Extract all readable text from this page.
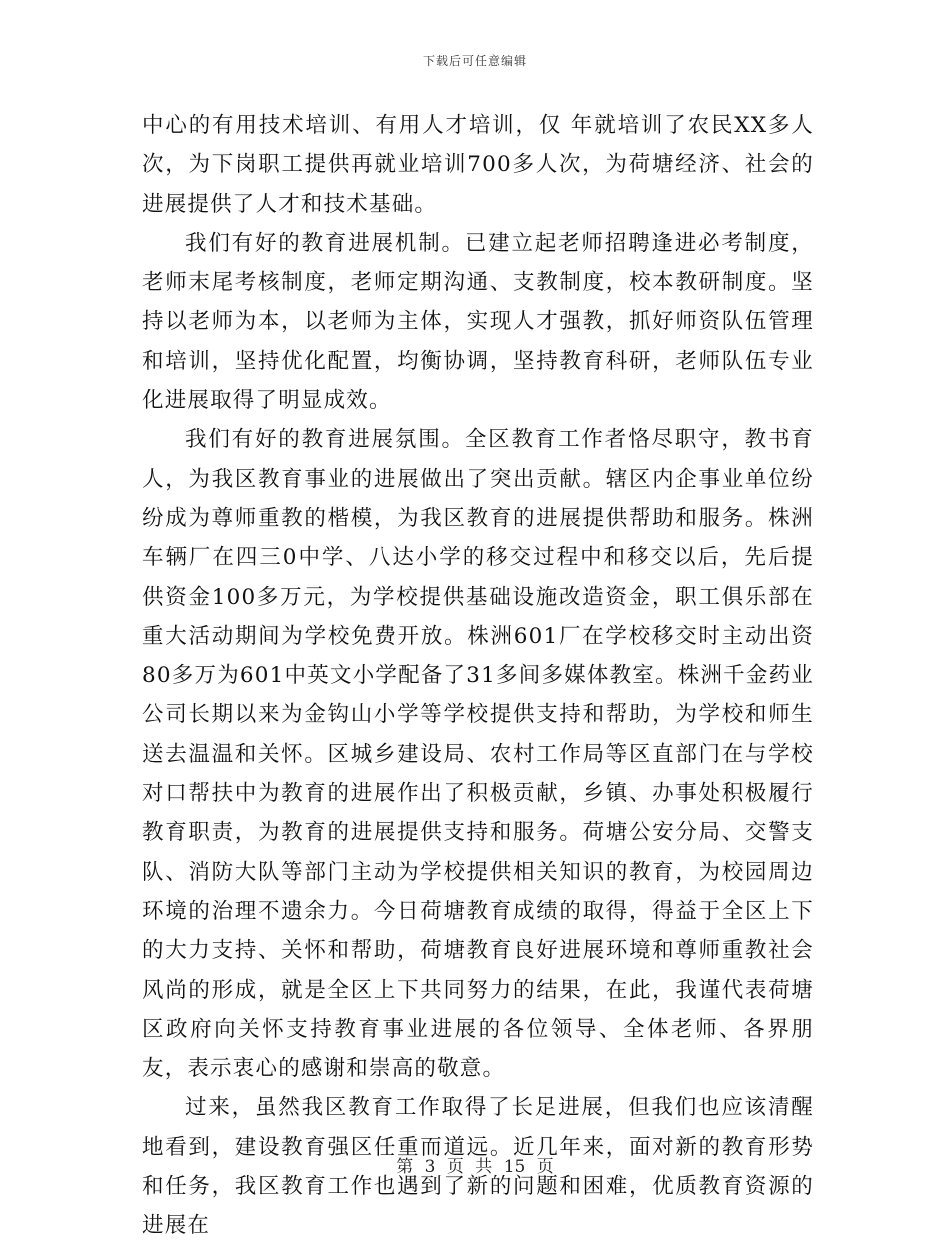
下载后可任意编辑

中心的有用技术培训、有用人才培训，仅 年就培训了农民XX多人次，为下岗职工提供再就业培训700多人次，为荷塘经济、社会的进展提供了人才和技术基础。

我们有好的教育进展机制。已建立起老师招聘逢进必考制度，老师末尾考核制度，老师定期沟通、支教制度，校本教研制度。坚持以老师为本，以老师为主体，实现人才强教，抓好师资队伍管理和培训，坚持优化配置，均衡协调，坚持教育科研，老师队伍专业化进展取得了明显成效。

我们有好的教育进展氛围。全区教育工作者恪尽职守，教书育人，为我区教育事业的进展做出了突出贡献。辖区内企事业单位纷纷成为尊师重教的楷模，为我区教育的进展提供帮助和服务。株洲车辆厂在四三0中学、八达小学的移交过程中和移交以后，先后提供资金100多万元，为学校提供基础设施改造资金，职工俱乐部在重大活动期间为学校免费开放。株洲601厂在学校移交时主动出资80多万为601中英文小学配备了31多间多媒体教室。株洲千金药业公司长期以来为金钩山小学等学校提供支持和帮助，为学校和师生送去温温和关怀。区城乡建设局、农村工作局等区直部门在与学校对口帮扶中为教育的进展作出了积极贡献，乡镇、办事处积极履行教育职责，为教育的进展提供支持和服务。荷塘公安分局、交警支队、消防大队等部门主动为学校提供相关知识的教育，为校园周边环境的治理不遗余力。今日荷塘教育成绩的取得，得益于全区上下的大力支持、关怀和帮助，荷塘教育良好进展环境和尊师重教社会风尚的形成，就是全区上下共同努力的结果，在此，我谨代表荷塘区政府向关怀支持教育事业进展的各位领导、全体老师、各界朋友，表示衷心的感谢和崇高的敬意。

过来，虽然我区教育工作取得了长足进展，但我们也应该清醒地看到，建设教育强区任重而道远。近几年来，面对新的教育形势和任务，我区教育工作也遇到了新的问题和困难，优质教育资源的进展在

第 3 页 共 15 页
